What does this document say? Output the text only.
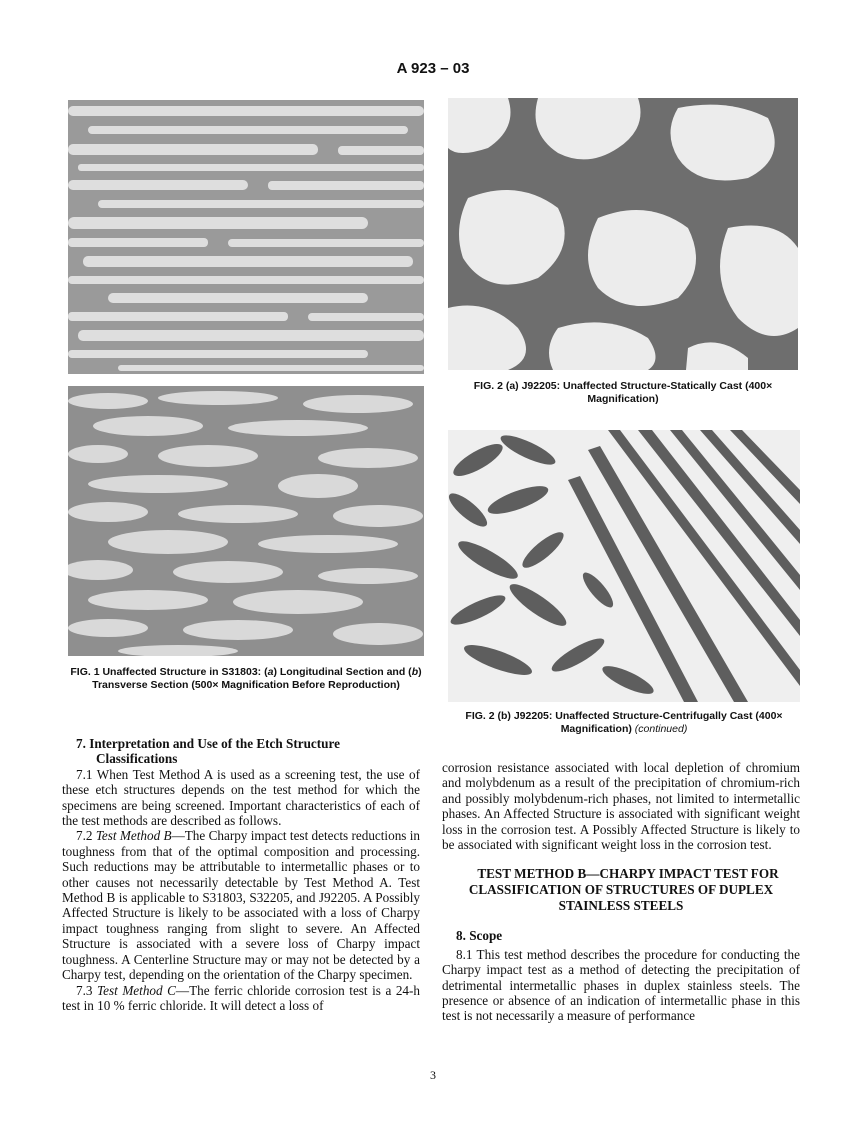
A 923 – 03
FIG. 1 Unaffected Structure in S31803: (a) Longitudinal Section and (b) Transverse Section (500× Magnification Before Reproduction)
FIG. 2 (a) J92205: Unaffected Structure-Statically Cast (400× Magnification)
FIG. 2 (b) J92205: Unaffected Structure-Centrifugally Cast (400× Magnification) (continued)

7. Interpretation and Use of the Etch Structure
Classifications

7.1 When Test Method A is used as a screening test, the use of these etch structures depends on the test method for which the specimens are being screened. Important characteristics of each of the test methods are described as follows.

7.2 Test Method B—The Charpy impact test detects reductions in toughness from that of the optimal composition and processing. Such reductions may be attributable to intermetallic phases or to other causes not necessarily detectable by Test Method A. Test Method B is applicable to S31803, S32205, and J92205. A Possibly Affected Structure is likely to be associated with a loss of Charpy impact toughness ranging from slight to severe. An Affected Structure is associated with a severe loss of Charpy impact toughness. A Centerline Structure may or may not be detected by a Charpy test, depending on the orientation of the Charpy specimen.

7.3 Test Method C—The ferric chloride corrosion test is a 24-h test in 10 % ferric chloride. It will detect a loss of

corrosion resistance associated with local depletion of chromium and molybdenum as a result of the precipitation of chromium-rich and possibly molybdenum-rich phases, not limited to intermetallic phases. An Affected Structure is associated with significant weight loss in the corrosion test. A Possibly Affected Structure is likely to be associated with significant weight loss in the corrosion test.

TEST METHOD B—CHARPY IMPACT TEST FOR CLASSIFICATION OF STRUCTURES OF DUPLEX STAINLESS STEELS

8. Scope

8.1 This test method describes the procedure for conducting the Charpy impact test as a method of detecting the precipitation of detrimental intermetallic phases in duplex stainless steels. The presence or absence of an indication of intermetallic phase in this test is not necessarily a measure of performance

3
